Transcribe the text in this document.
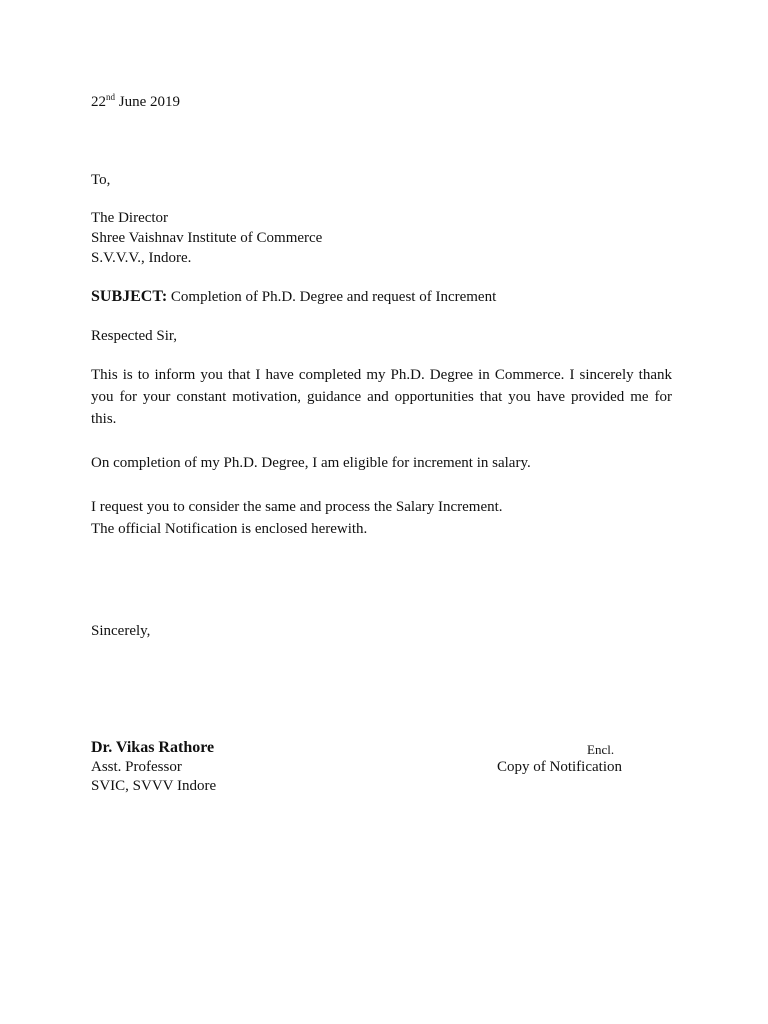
22nd June 2019
To,
The Director
Shree Vaishnav Institute of Commerce
S.V.V.V., Indore.
SUBJECT: Completion of Ph.D. Degree and request of Increment
Respected Sir,
This is to inform you that I have completed my Ph.D. Degree in Commerce. I sincerely thank you for your constant motivation, guidance and opportunities that you have provided me for this.
On completion of my Ph.D. Degree, I am eligible for increment in salary.
I request you to consider the same and process the Salary Increment.
The official Notification is enclosed herewith.
Sincerely,
Dr. Vikas Rathore
Asst. Professor
SVIC, SVVV Indore
Encl.
Copy of Notification
